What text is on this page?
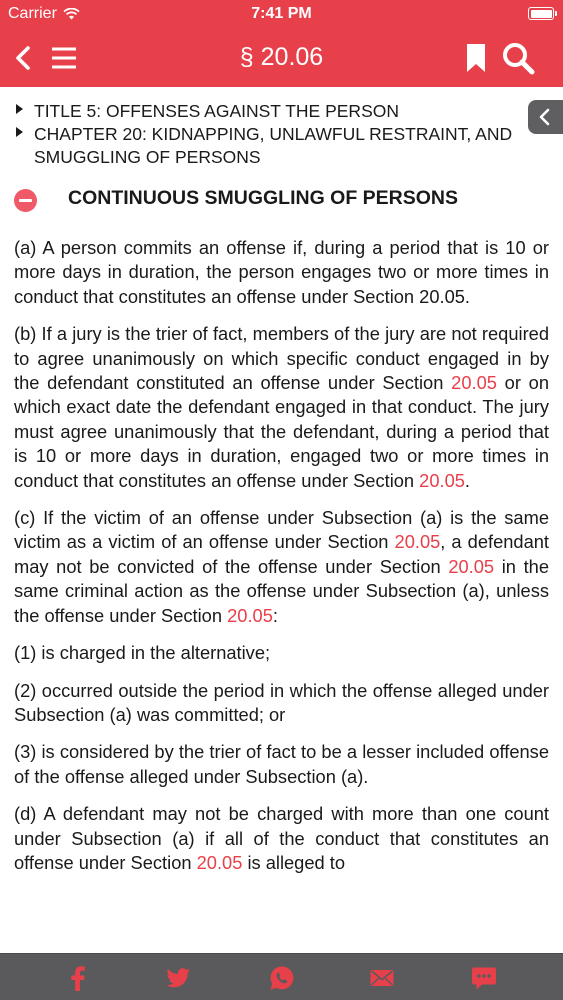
Carrier	7:41 PM
§ 20.06
TITLE 5: OFFENSES AGAINST THE PERSON
CHAPTER 20: KIDNAPPING, UNLAWFUL RESTRAINT, AND SMUGGLING OF PERSONS
CONTINUOUS SMUGGLING OF PERSONS

(a) A person commits an offense if, during a period that is 10 or more days in duration, the person engages two or more times in conduct that constitutes an offense under Section 20.05.

(b) If a jury is the trier of fact, members of the jury are not required to agree unanimously on which specific conduct engaged in by the defendant constituted an offense under Section 20.05 or on which exact date the defendant engaged in that conduct. The jury must agree unanimously that the defendant, during a period that is 10 or more days in duration, engaged two or more times in conduct that constitutes an offense under Section 20.05.

(c) If the victim of an offense under Subsection (a) is the same victim as a victim of an offense under Section 20.05, a defendant may not be convicted of the offense under Section 20.05 in the same criminal action as the offense under Subsection (a), unless the offense under Section 20.05:

(1) is charged in the alternative;

(2) occurred outside the period in which the offense alleged under Subsection (a) was committed; or

(3) is considered by the trier of fact to be a lesser included offense of the offense alleged under Subsection (a).

(d) A defendant may not be charged with more than one count under Subsection (a) if all of the conduct that constitutes an offense under Section 20.05 is alleged to
